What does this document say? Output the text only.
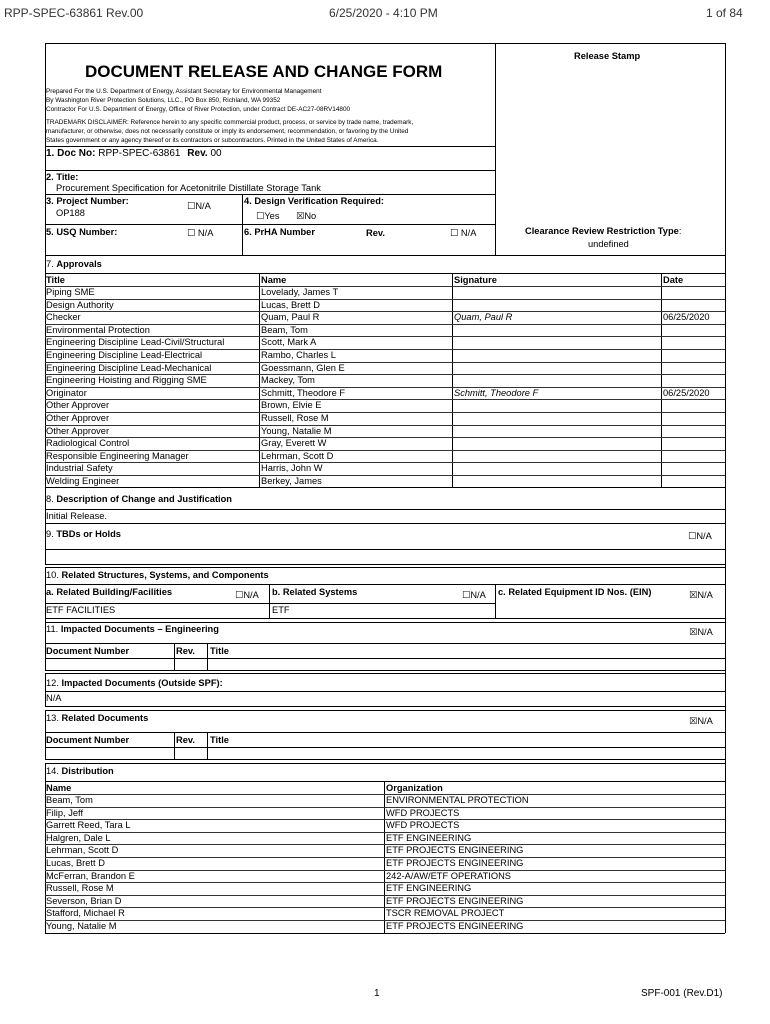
RPP-SPEC-63861 Rev.00	6/25/2020 - 4:10 PM	1 of 84
DOCUMENT RELEASE AND CHANGE FORM
Release Stamp
Prepared For the U.S. Department of Energy, Assistant Secretary for Environmental Management
By Washington River Protection Solutions, LLC., PO Box 850, Richland, WA 99352
Contractor For U.S. Department of Energy, Office of River Protection, under Contract DE-AC27-08RV14800
TRADEMARK DISCLAIMER: Reference herein to any specific commercial product, process, or service by trade name, trademark,
manufacturer, or otherwise, does not necessarily constitute or imply its endorsement, recommendation, or favoring by the United
States government or any agency thereof or its contractors or subcontractors. Printed in the United States of America.
1. Doc No: RPP-SPEC-63861 Rev. 00
2. Title:
Procurement Specification for Acetonitrile Distillate Storage Tank
3. Project Number:	☐N/A
OP188
4. Design Verification Required:
☐Yes ☒No
5. USQ Number:	☐ N/A	6. PrHA Number	Rev.	☐ N/A	Clearance Review Restriction Type:
undefined
7. Approvals
Title	Name	Signature	Date
Piping SME	Lovelady, James T
Design Authority	Lucas, Brett D
Checker	Quam, Paul R	Quam, Paul R	06/25/2020
Environmental Protection	Beam, Tom
Engineering Discipline Lead-Civil/Structural	Scott, Mark A
Engineering Discipline Lead-Electrical	Rambo, Charles L
Engineering Discipline Lead-Mechanical	Goessmann, Glen E
Engineering Hoisting and Rigging SME	Mackey, Tom
Originator	Schmitt, Theodore F	Schmitt, Theodore F	06/25/2020
Other Approver	Brown, Elvie E
Other Approver	Russell, Rose M
Other Approver	Young, Natalie M
Radiological Control	Gray, Everett W
Responsible Engineering Manager	Lehrman, Scott D
Industrial Safety	Harris, John W
Welding Engineer	Berkey, James
8. Description of Change and Justification
Initial Release.
9. TBDs or Holds	☐N/A
10. Related Structures, Systems, and Components
a. Related Building/Facilities	☐N/A b. Related Systems	☐N/A c. Related Equipment ID Nos. (EIN)	☒N/A
ETF FACILITIES	ETF
11. Impacted Documents – Engineering	☒N/A
Document Number	Rev. Title
12. Impacted Documents (Outside SPF):
N/A
13. Related Documents	☒N/A
Document Number	Rev. Title
14. Distribution
Name	Organization
Beam, Tom	ENVIRONMENTAL PROTECTION
Filip, Jeff	WFD PROJECTS
Garrett Reed, Tara L	WFD PROJECTS
Halgren, Dale L	ETF ENGINEERING
Lehrman, Scott D	ETF PROJECTS ENGINEERING
Lucas, Brett D	ETF PROJECTS ENGINEERING
McFerran, Brandon E	242-A/AW/ETF OPERATIONS
Russell, Rose M	ETF ENGINEERING
Severson, Brian D	ETF PROJECTS ENGINEERING
Stafford, Michael R	TSCR REMOVAL PROJECT
Young, Natalie M	ETF PROJECTS ENGINEERING
1	SPF-001 (Rev.D1)
